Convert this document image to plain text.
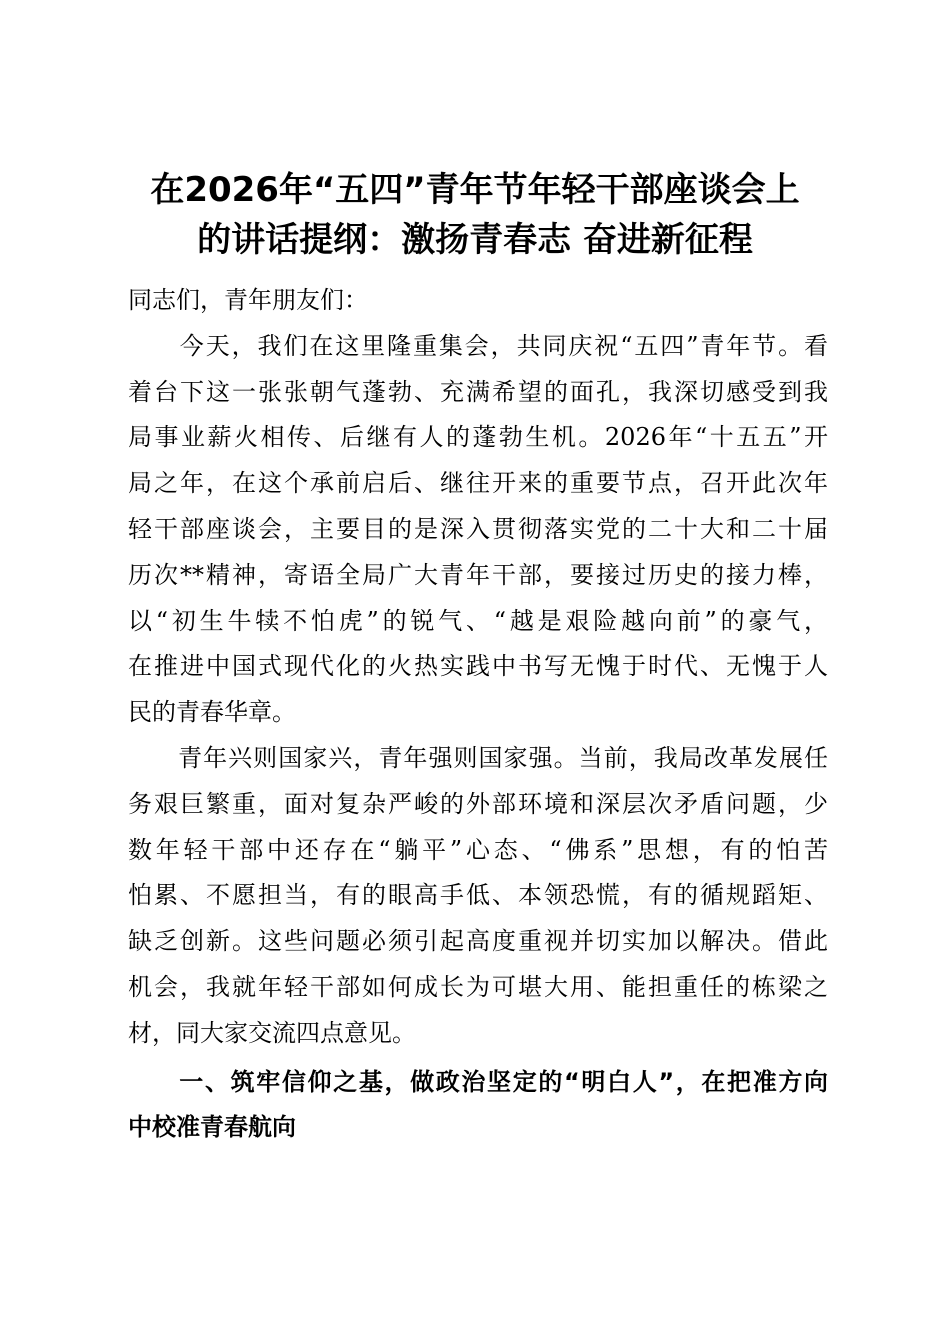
在2026年“五四”青年节年轻干部座谈会上
的讲话提纲：激扬青春志 奋进新征程
同志们，青年朋友们：
　　今天，我们在这里隆重集会，共同庆祝“五四”青年节。看
着台下这一张张朝气蓬勃、充满希望的面孔，我深切感受到我
局事业薪火相传、后继有人的蓬勃生机。2026年“十五五”开
局之年，在这个承前启后、继往开来的重要节点，召开此次年
轻干部座谈会，主要目的是深入贯彻落实党的二十大和二十届
历次**精神，寄语全局广大青年干部，要接过历史的接力棒，
以“初生牛犊不怕虎”的锐气、“越是艰险越向前”的豪气，
在推进中国式现代化的火热实践中书写无愧于时代、无愧于人
民的青春华章。
　　青年兴则国家兴，青年强则国家强。当前，我局改革发展任
务艰巨繁重，面对复杂严峻的外部环境和深层次矛盾问题，少
数年轻干部中还存在“躺平”心态、“佛系”思想，有的怕苦
怕累、不愿担当，有的眼高手低、本领恐慌，有的循规蹈矩、
缺乏创新。这些问题必须引起高度重视并切实加以解决。借此
机会，我就年轻干部如何成长为可堪大用、能担重任的栋梁之
材，同大家交流四点意见。
　　一、筑牢信仰之基，做政治坚定的“明白人”，在把准方向
中校准青春航向
